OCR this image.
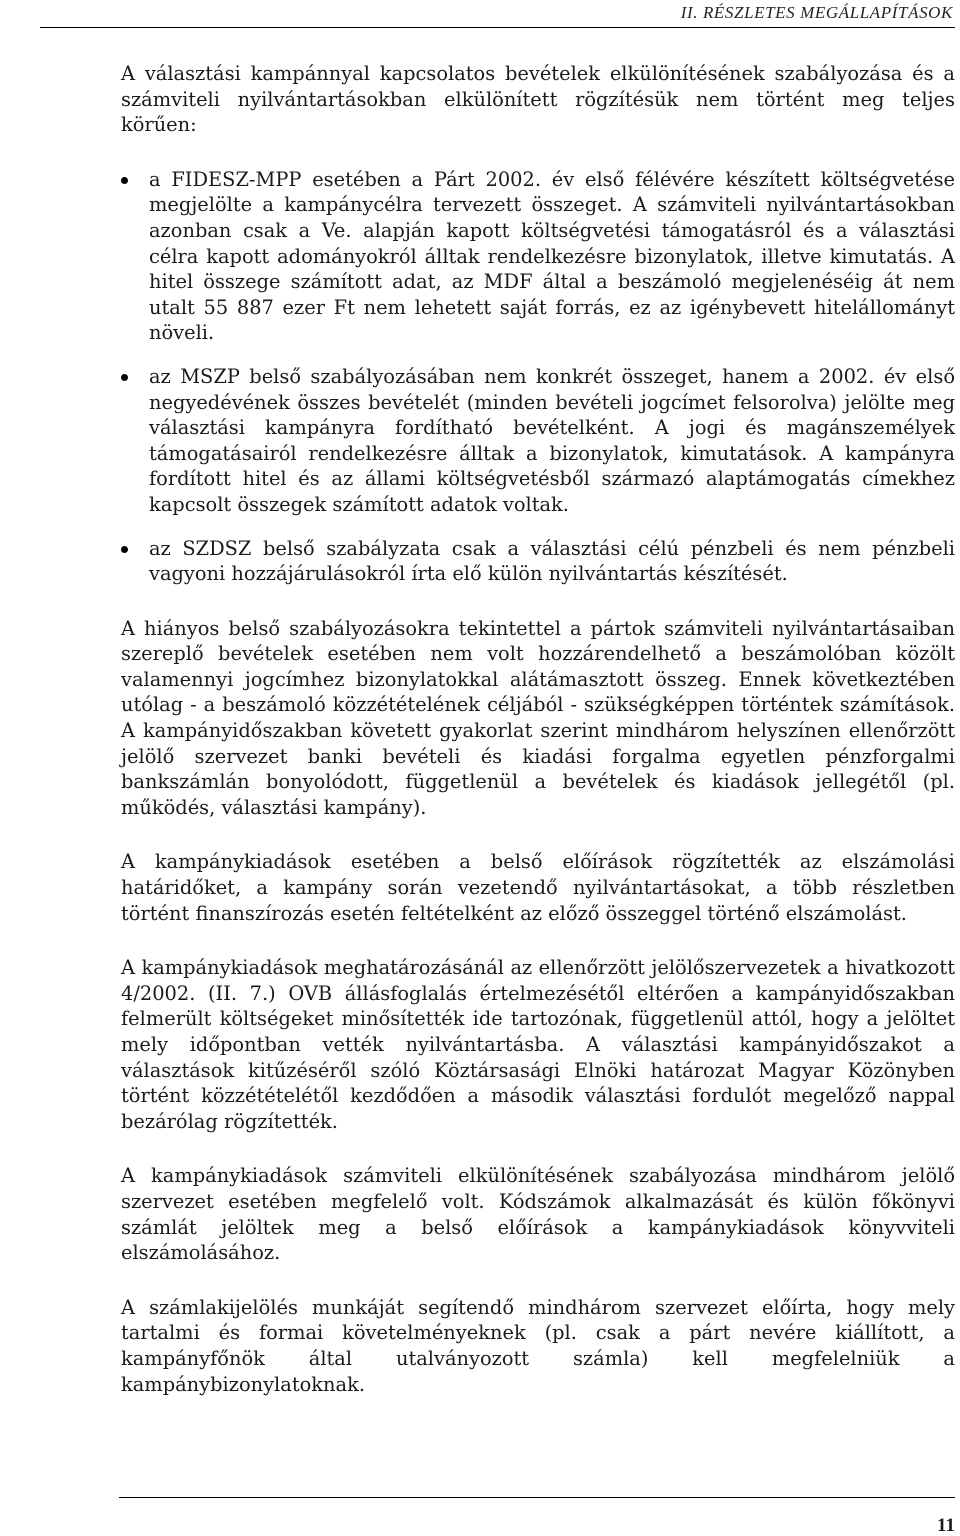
II. RÉSZLETES MEGÁLLAPÍTÁSOK

A választási kampánnyal kapcsolatos bevételek elkülönítésének szabályozása és a számviteli nyilvántartásokban elkülönített rögzítésük nem történt meg teljes körűen:

a FIDESZ-MPP esetében a Párt 2002. év első félévére készített költségvetése megjelölte a kampánycélra tervezett összeget. A számviteli nyilvántartásokban azonban csak a Ve. alapján kapott költségvetési támogatásról és a választási célra kapott adományokról álltak rendelkezésre bizonylatok, illetve kimutatás. A hitel összege számított adat, az MDF által a beszámoló megjelenéséig át nem utalt 55 887 ezer Ft nem lehetett saját forrás, ez az igénybevett hitelállományt növeli.
az MSZP belső szabályozásában nem konkrét összeget, hanem a 2002. év első negyedévének összes bevételét (minden bevételi jogcímet felsorolva) jelölte meg választási kampányra fordítható bevételként. A jogi és magánszemélyek támogatásairól rendelkezésre álltak a bizonylatok, kimutatások. A kampányra fordított hitel és az állami költségvetésből származó alaptámogatás címekhez kapcsolt összegek számított adatok voltak.
az SZDSZ belső szabályzata csak a választási célú pénzbeli és nem pénzbeli vagyoni hozzájárulásokról írta elő külön nyilvántartás készítését.

A hiányos belső szabályozásokra tekintettel a pártok számviteli nyilvántartásaiban szereplő bevételek esetében nem volt hozzárendelhető a beszámolóban közölt valamennyi jogcímhez bizonylatokkal alátámasztott összeg. Ennek következtében utólag - a beszámoló közzétételének céljából - szükségképpen történtek számítások. A kampányidőszakban követett gyakorlat szerint mindhárom helyszínen ellenőrzött jelölő szervezet banki bevételi és kiadási forgalma egyetlen pénzforgalmi bankszámlán bonyolódott, függetlenül a bevételek és kiadások jellegétől (pl. működés, választási kampány).

A kampánykiadások esetében a belső előírások rögzítették az elszámolási határidőket, a kampány során vezetendő nyilvántartásokat, a több részletben történt finanszírozás esetén feltételként az előző összeggel történő elszámolást.

A kampánykiadások meghatározásánál az ellenőrzött jelölőszervezetek a hivatkozott 4/2002. (II. 7.) OVB állásfoglalás értelmezésétől eltérően a kampányidőszakban felmerült költségeket minősítették ide tartozónak, függetlenül attól, hogy a jelöltet mely időpontban vették nyilvántartásba. A választási kampányidőszakot a választások kitűzéséről szóló Köztársasági Elnöki határozat Magyar Közönyben történt közzétételétől kezdődően a második választási fordulót megelőző nappal bezárólag rögzítették.

A kampánykiadások számviteli elkülönítésének szabályozása mindhárom jelölő szervezet esetében megfelelő volt. Kódszámok alkalmazását és külön főkönyvi számlát jelöltek meg a belső előírások a kampánykiadások könyvviteli elszámolásához.

A számlakijelölés munkáját segítendő mindhárom szervezet előírta, hogy mely tartalmi és formai követelményeknek (pl. csak a párt nevére kiállított, a kampányfőnök által utalványozott számla) kell megfelelniük a kampánybizonylatoknak.

11
